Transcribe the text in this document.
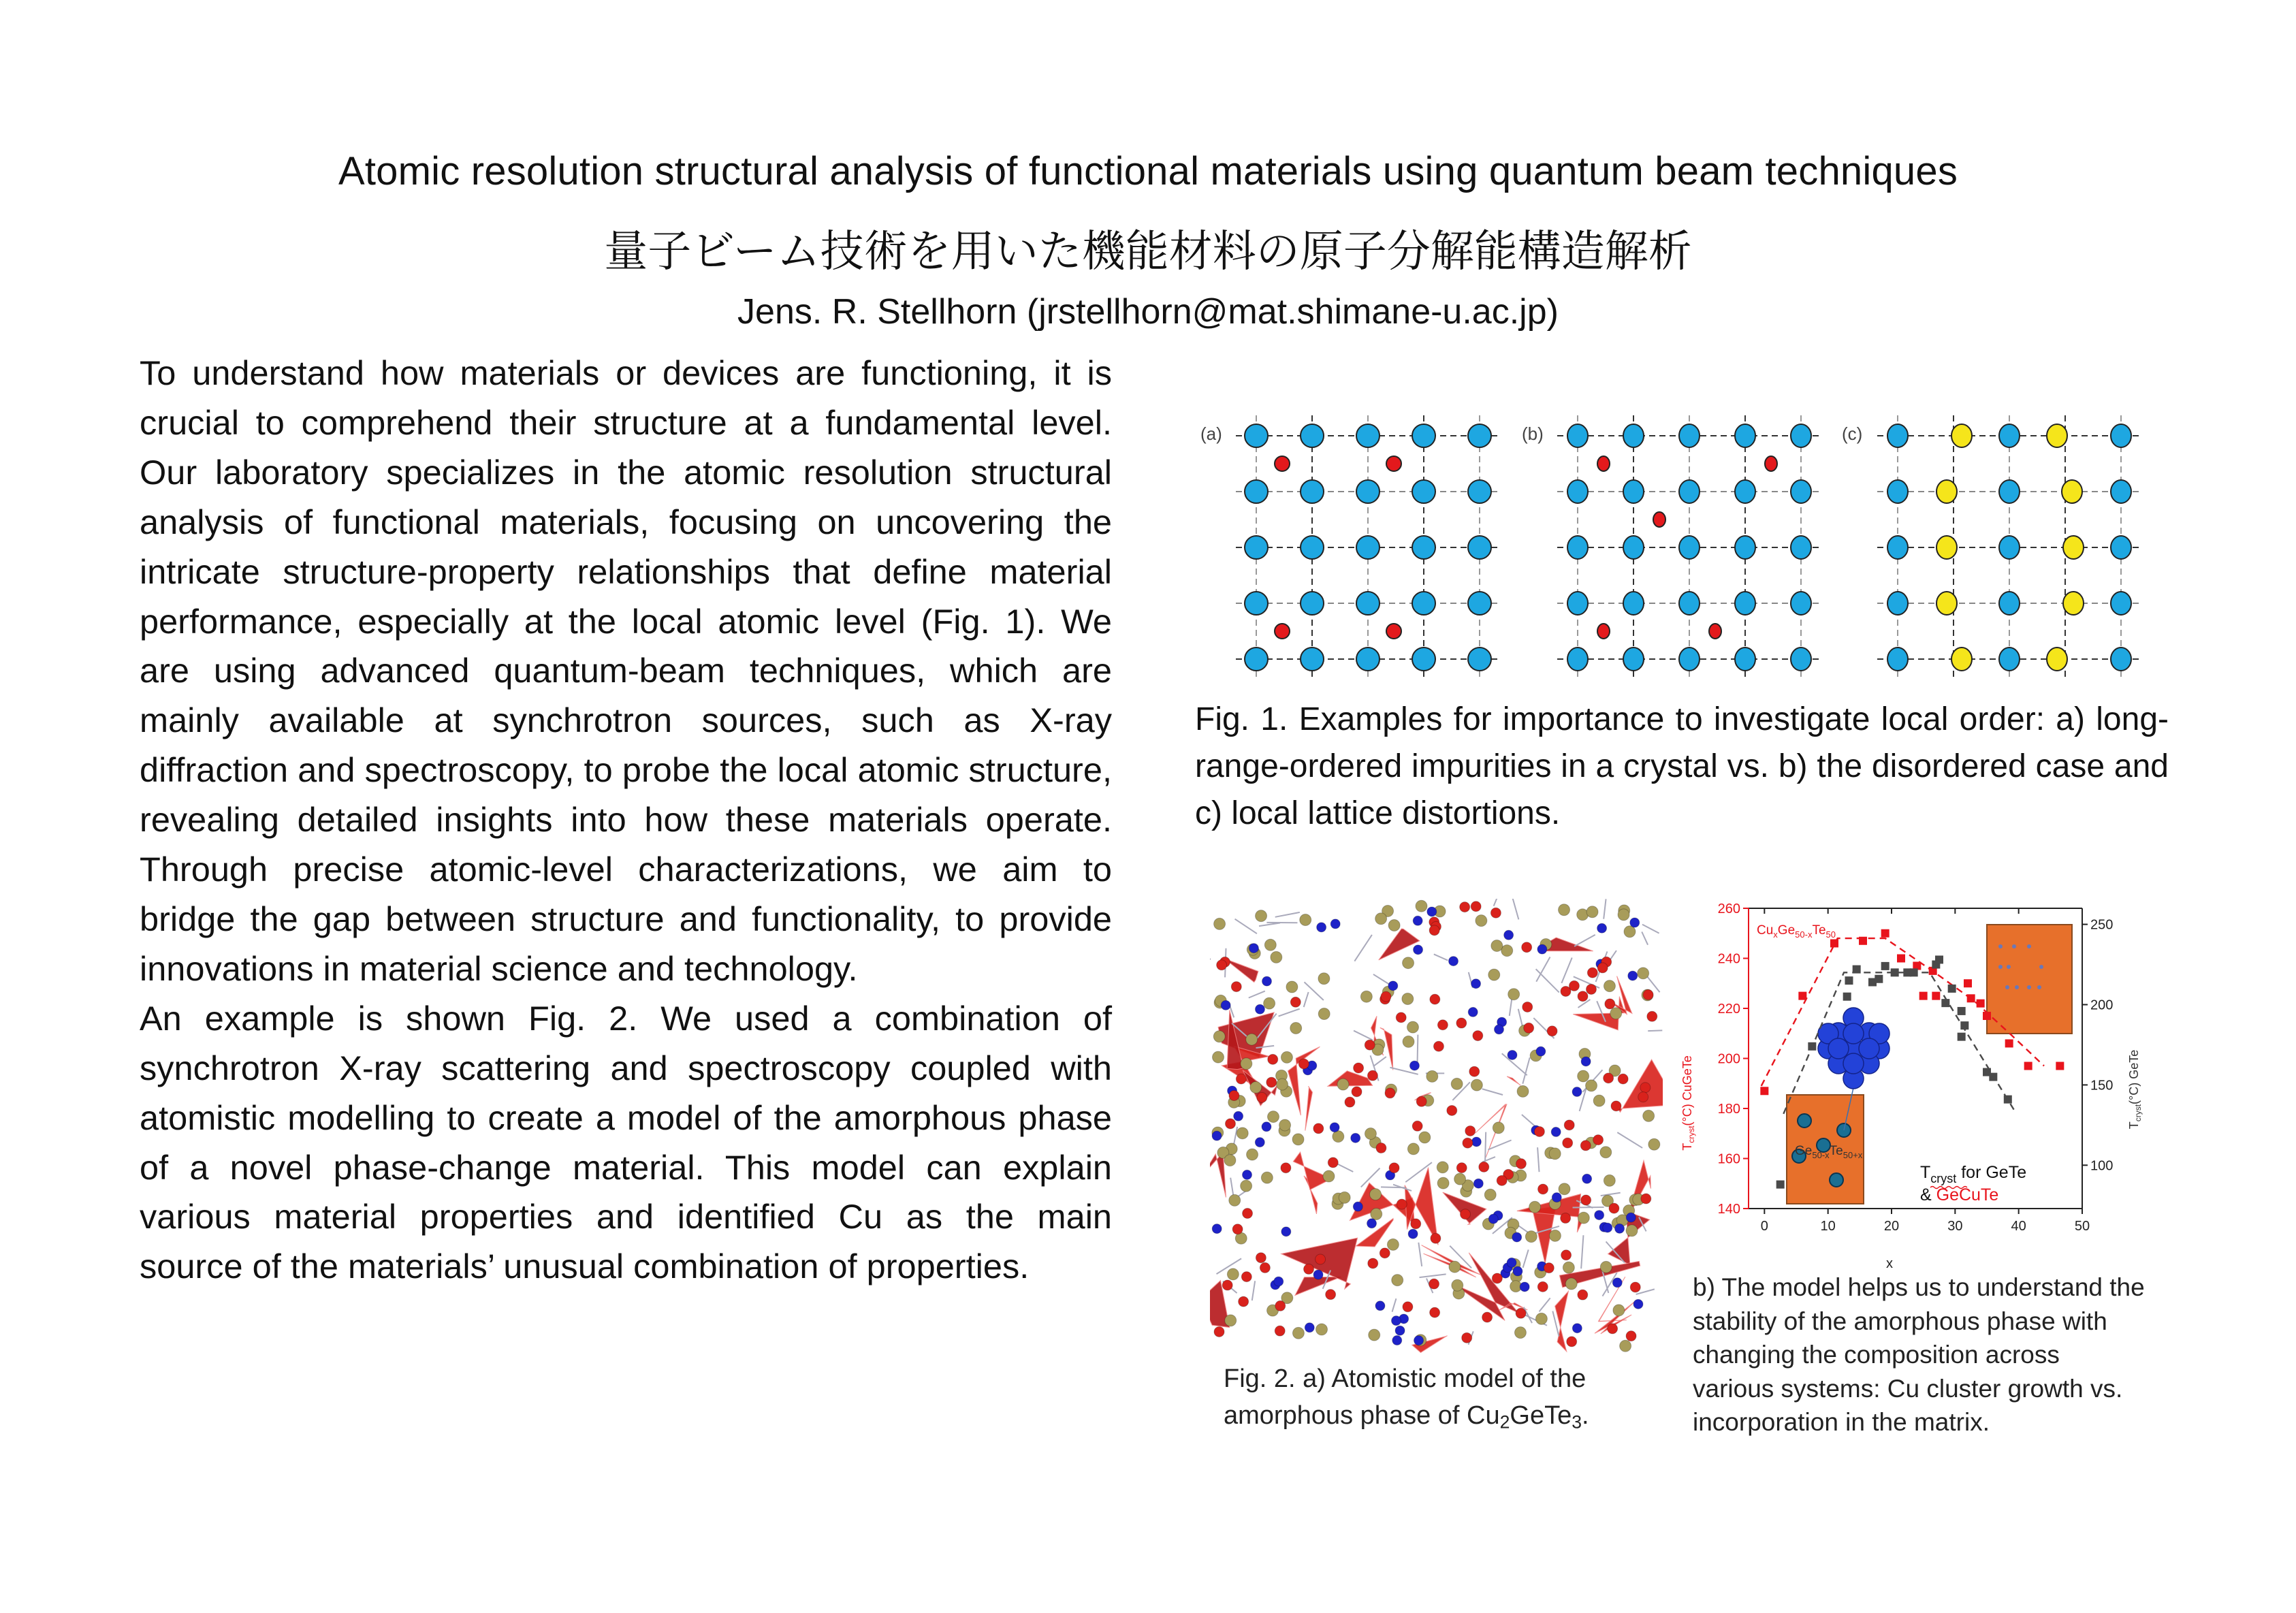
Atomic resolution structural analysis of functional materials using quantum beam techniques
量子ビーム技術を用いた機能材料の原子分解能構造解析
Jens. R. Stellhorn (jrstellhorn@mat.shimane-u.ac.jp)

To understand how materials or devices are functioning, it is crucial to comprehend their structure at a fundamental level. Our laboratory specializes in the atomic resolution structural analysis of functional materials, focusing on uncovering the intricate structure-property relationships that define material performance, especially at the local atomic level (Fig. 1). We are using advanced quantum-beam techniques, which are mainly available at synchrotron sources, such as X-ray diffraction and spectroscopy, to probe the local atomic structure, revealing detailed insights into how these materials operate. Through precise atomic-level characterizations, we aim to bridge the gap between structure and functionality, to provide innovations in material science and technology.

An example is shown Fig. 2. We used a combination of synchrotron X-ray scattering and spectroscopy coupled with atomistic modelling to create a model of the amorphous phase of a novel phase-change material. This model can explain various material properties and identified Cu as the main source of the materials’ unusual combination of properties.

(a)	(b)	(c)
Fig. 1. Examples for importance to investigate local order: a) long-range-ordered impurities in a crystal vs. b) the disordered case and c) local lattice distortions.
Fig. 2. a) Atomistic model of the amorphous phase of $Cu_2GeTe_3$.
0	10	20	30	40	50
140
160
180
200
220
240
260
100
150
200
250
$Cu_xGe_{50-x}Te_{50}$
$Ge_{50-x}Te_{50+x}$
$T_{cryst}$ for GeTe
& GeCuTe
x
$T_{cryst}(^\circ C)$ CuGeTe	$T_{cryst}(^\circ C)$ GeTe
b) The model helps us to understand the
stability of the amorphous phase with
changing the composition across
various systems: Cu cluster growth vs.
incorporation in the matrix.
